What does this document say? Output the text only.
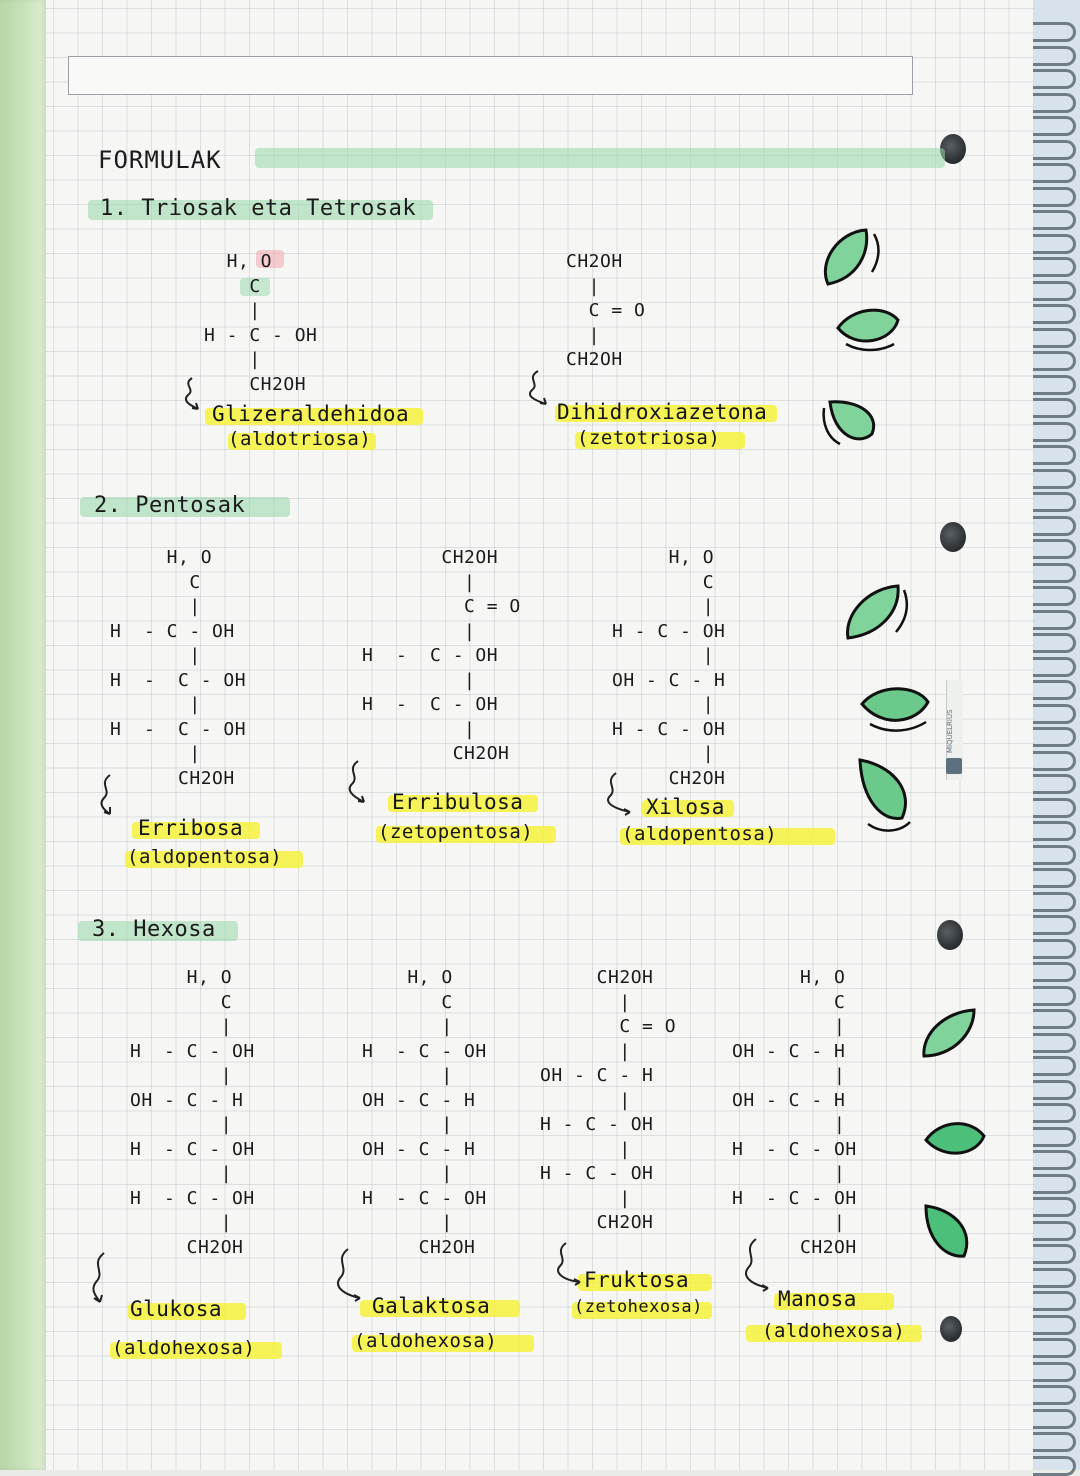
MIQUELRIUS
FORMULAK
1. Triosak eta Tetrosak
H, O
C
|
H - C - OH
|
CH2OH
Glizeraldehidoa
(aldotriosa)
CH2OH
|
C = O
|
CH2OH
Dihidroxiazetona
(zetotriosa)
2. Pentosak
H, O
C
|
H  - C - OH
|
H  -  C - OH
|
H  -  C - OH
|
CH2OH
Erribosa
(aldopentosa)
CH2OH
|
C = O
|
H  -  C - OH
|
H  -  C - OH
|
CH2OH
Erribulosa
(zetopentosa)
H, O
C
|
H - C - OH
|
OH - C - H
|
H - C - OH
|
CH2OH
Xilosa
(aldopentosa)
3. Hexosa
H, O
C
|
H  - C - OH
|
OH - C - H
|
H  - C - OH
|
H  - C - OH
|
CH2OH
Glukosa
(aldohexosa)
H, O
C
|
H  - C - OH
|
OH - C - H
|
OH - C - H
|
H  - C - OH
|
CH2OH
Galaktosa
(aldohexosa)
CH2OH
|
C = O
|
OH - C - H
|
H - C - OH
|
H - C - OH
|
CH2OH
Fruktosa
(zetohexosa)
H, O
C
|
OH - C - H
|
OH - C - H
|
H  - C - OH
|
H  - C - OH
|
CH2OH
Manosa
(aldohexosa)
